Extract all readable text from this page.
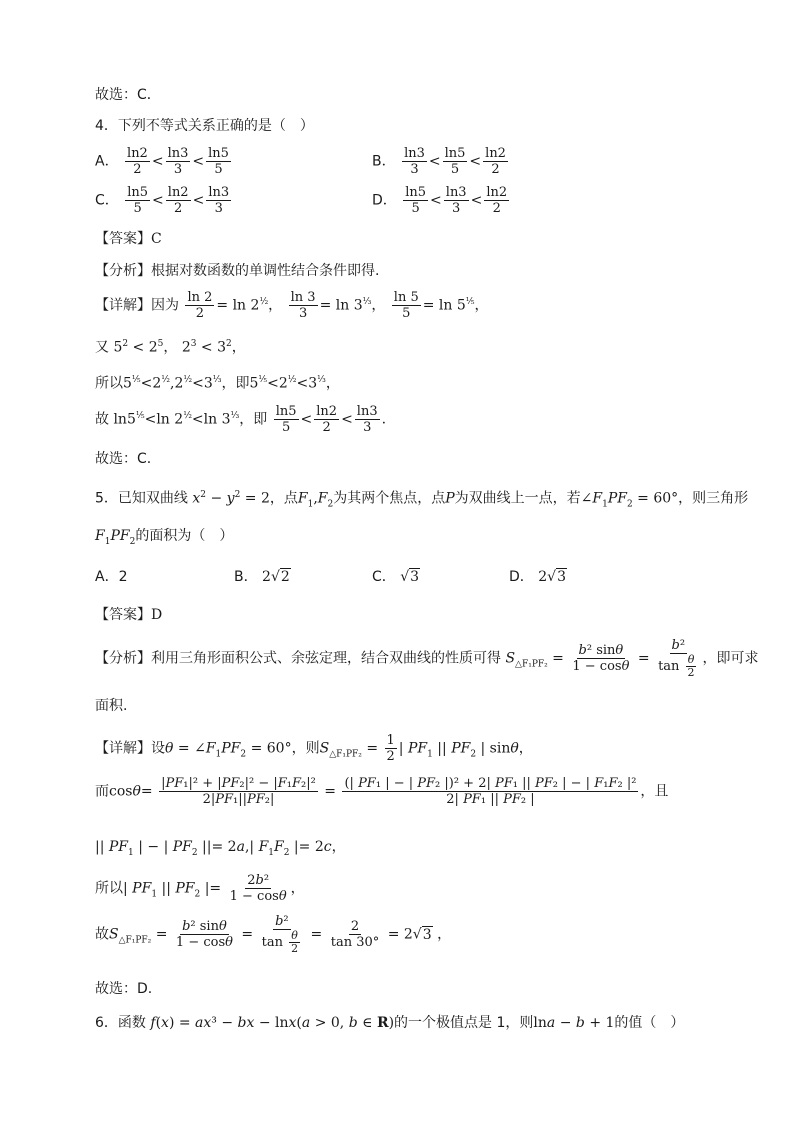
故选：C．
4．下列不等式关系正确的是（　）
A． $\frac{\ln 2}{2} < \frac{\ln 3}{3} < \frac{\ln 5}{5}$	B． $\frac{\ln 3}{3} < \frac{\ln 5}{5} < \frac{\ln 2}{2}$
C． $\frac{\ln 5}{5} < \frac{\ln 2}{2} < \frac{\ln 3}{3}$	D． $\frac{\ln 5}{5} < \frac{\ln 3}{3} < \frac{\ln 2}{2}$
【答案】C
【分析】根据对数函数的单调性结合条件即得.
【详解】因为 $\frac{\ln 2}{2} = \ln 2^{\frac{1}{2}}$， $\frac{\ln 3}{3} = \ln 3^{\frac{1}{3}}$， $\frac{\ln 5}{5} = \ln 5^{\frac{1}{5}}$，
又 $5^2 < 2^5$， $2^3 < 3^2$，
所以$5^{\frac{1}{5}}<2^{\frac{1}{2}},2^{\frac{1}{2}}<3^{\frac{1}{3}}$，即$5^{\frac{1}{5}}<2^{\frac{1}{2}}<3^{\frac{1}{3}}$，
故 $\ln 5^{\frac{1}{5}}<\ln$ $2^{\frac{1}{2}}<\ln$ $3^{\frac{1}{3}}$，即 $\frac{\ln 5}{5} < \frac{\ln 2}{2} < \frac{\ln 3}{3}$ .
故选：C.
5．已知双曲线 $x^2 - y^2 = 2$，点$F_1,F_2$为其两个焦点，点P为双曲线上一点，若$\angle F_1PF_2 = 60^\circ$，则三角形
$F_1PF_2$的面积为（　）
A．2	B． 2√2	C． √3	D． 2√3
【答案】D
【分析】利用三角形面积公式、余弦定理，结合双曲线的性质可得 $S_{\triangle F_1PF_2} = \frac{\text{b² sinθ}}{1 - \cos\theta} = \frac{\text{b²}}{\tan \frac{\theta}{2}}$ ，即可求
面积.
【详解】设$\theta = \angle F_1PF_2 = 60^\circ$，则$S_{\triangle F_1PF_2} = \frac{1}{2}$ | $PF_1$ || $PF_2$ | sinθ，
而$\cos\theta= \frac{\text{|PF₁|² + |PF₂|² − |F₁F₂|²}}{\text{2|PF₁||PF₂|}} = \frac{\text{(| PF₁ | − | PF₂ |)² + 2| PF₁ || PF₂ | − | F₁F₂ |²}}{\text{2| PF₁ || PF₂ |}}$ ，且
|| $PF_1$ | − | $PF_2$ ||= 2a,| $F_1F_2$ |= 2c，
所以| $PF_1$ || $PF_2$ |= $\frac{\text{2b²}}{1 - \cos\theta}$ ，
故$S_{\triangle F_1PF_2} = \frac{\text{b² sinθ}}{1 - \cos\theta} = \frac{\text{b²}}{\tan \frac{\theta}{2}} = \frac{2}{\tan 30^\circ} = 2√3$ ，
故选：D.
6．函数 f(x) = ax³ − bx − lnx(a > 0, b ∈ R)的一个极值点是 1，则lna − b + 1的值（　）
